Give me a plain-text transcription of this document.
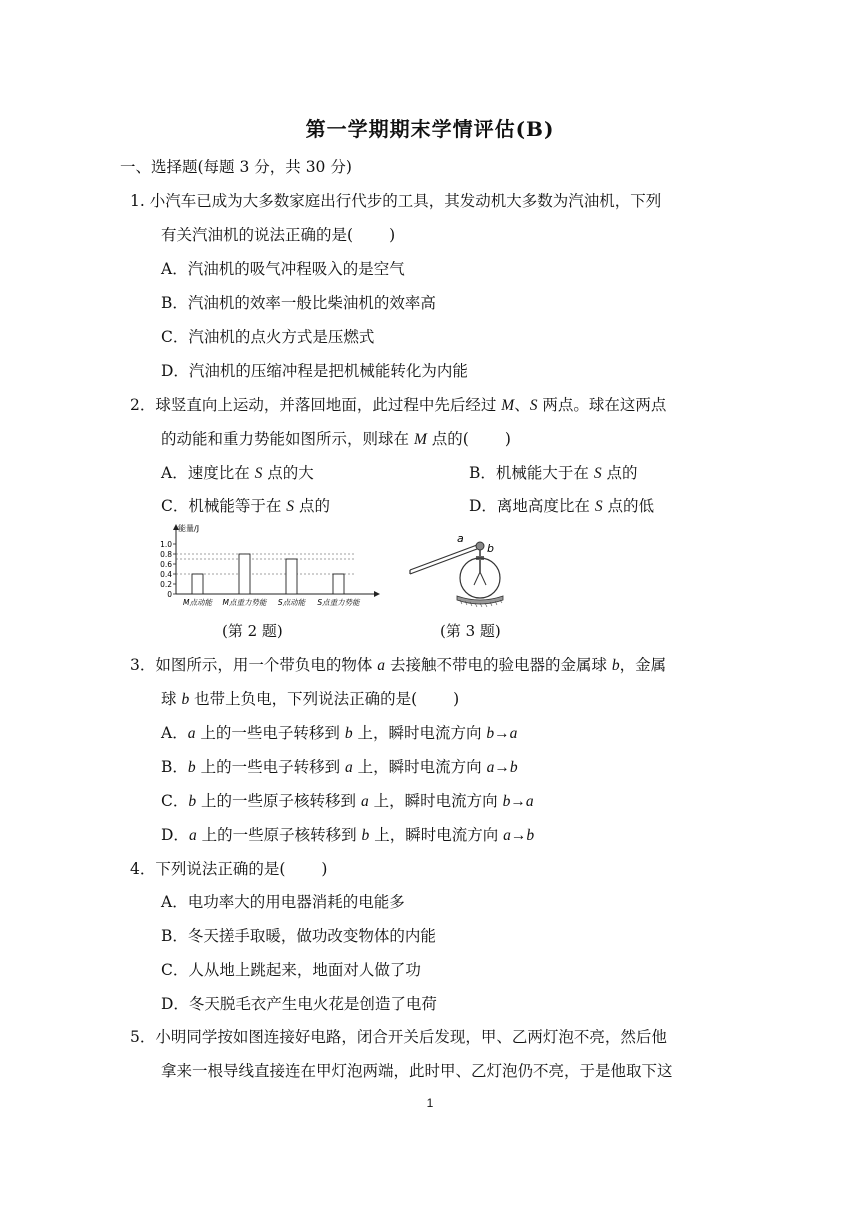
第一学期期末学情评估(B)
一、选择题(每题 3 分，共 30 分)
1. 小汽车已成为大多数家庭出行代步的工具，其发动机大多数为汽油机，下列
有关汽油机的说法正确的是( )
A．汽油机的吸气冲程吸入的是空气
B．汽油机的效率一般比柴油机的效率高
C．汽油机的点火方式是压燃式
D．汽油机的压缩冲程是把机械能转化为内能
2．球竖直向上运动，并落回地面，此过程中先后经过 M、S 两点。球在这两点
的动能和重力势能如图所示，则球在 M 点的( )
A．速度比在 S 点的大	B．机械能大于在 S 点的
C．机械能等于在 S 点的	D．离地高度比在 S 点的低
能量/J
1.0
0.8
0.6
0.4
0.2
0
M点动能 M点重力势能 S点动能 S点重力势能
a
b
(第 2 题)	(第 3 题)
3．如图所示，用一个带负电的物体 a 去接触不带电的验电器的金属球 b，金属
球 b 也带上负电，下列说法正确的是( )
A．a 上的一些电子转移到 b 上，瞬时电流方向 b→a
B．b 上的一些电子转移到 a 上，瞬时电流方向 a→b
C．b 上的一些原子核转移到 a 上，瞬时电流方向 b→a
D．a 上的一些原子核转移到 b 上，瞬时电流方向 a→b
4．下列说法正确的是( )
A．电功率大的用电器消耗的电能多
B．冬天搓手取暖，做功改变物体的内能
C．人从地上跳起来，地面对人做了功
D．冬天脱毛衣产生电火花是创造了电荷
5．小明同学按如图连接好电路，闭合开关后发现，甲、乙两灯泡不亮，然后他
拿来一根导线直接连在甲灯泡两端，此时甲、乙灯泡仍不亮，于是他取下这
1
